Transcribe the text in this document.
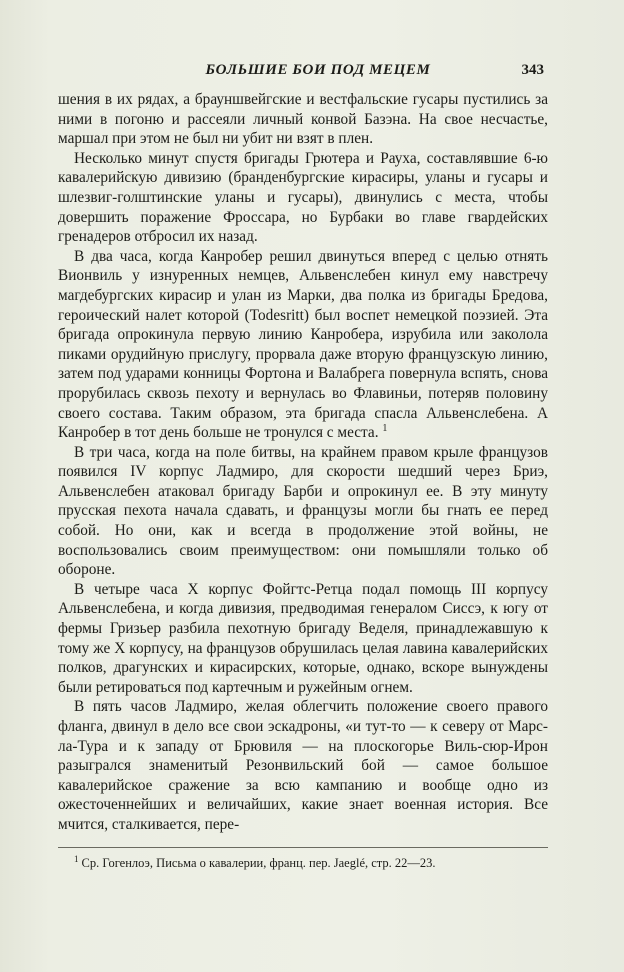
БОЛЬШИЕ БОИ ПОД МЕЦЕМ	343

шения в их рядах, а брауншвейгские и вестфальские гусары пустились за ними в погоню и рассеяли личный конвой Базэна. На свое несчастье, маршал при этом не был ни убит ни взят в плен.

Несколько минут спустя бригады Грютера и Рауха, составлявшие 6-ю кавалерийскую дивизию (бранденбургские кирасиры, уланы и гусары и шлезвиг-голштинские уланы и гусары), двинулись с места, чтобы довершить поражение Фроссара, но Бурбаки во главе гвардейских гренадеров отбросил их назад.

В два часа, когда Канробер решил двинуться вперед с целью отнять Вионвиль у изнуренных немцев, Альвенслебен кинул ему навстречу магдебургских кирасир и улан из Марки, два полка из бригады Бредова, героический налет которой (Todesritt) был воспет немецкой поэзией. Эта бригада опрокинула первую линию Канробера, изрубила или заколола пиками орудийную прислугу, прорвала даже вторую французскую линию, затем под ударами конницы Фортона и Валабрега повернула вспять, снова прорубилась сквозь пехоту и вернулась во Флавиньи, потеряв половину своего состава. Таким образом, эта бригада спасла Альвенслебена. А Канробер в тот день больше не тронулся с места. $^1$

В три часа, когда на поле битвы, на крайнем правом крыле французов появился IV корпус Ладмиро, для скорости шедший через Бриэ, Альвенслебен атаковал бригаду Барби и опрокинул ее. В эту минуту прусская пехота начала сдавать, и французы могли бы гнать ее перед собой. Но они, как и всегда в продолжение этой войны, не воспользовались своим преимуществом: они помышляли только об обороне.

В четыре часа X корпус Фойгтс-Ретца подал помощь III корпусу Альвенслебена, и когда дивизия, предводимая генералом Сиссэ, к югу от фермы Гризьер разбила пехотную бригаду Веделя, принадлежавшую к тому же X корпусу, на французов обрушилась целая лавина кавалерийских полков, драгунских и кирасирских, которые, однако, вскоре вынуждены были ретироваться под картечным и ружейным огнем.

В пять часов Ладмиро, желая облегчить положение своего правого фланга, двинул в дело все свои эскадроны, «и тут-то — к северу от Марс-ла-Тура и к западу от Брювиля — на плоскогорье Виль-сюр-Ирон разыгрался знаменитый Резонвильский бой — самое большое кавалерийское сражение за всю кампанию и вообще одно из ожесточеннейших и величайших, какие знает военная история. Все мчится, сталкивается, пере-

$^1$ Ср. Гогенлоэ, Письма о кавалерии, франц. пер. Jaeglé, стр. 22—23.
